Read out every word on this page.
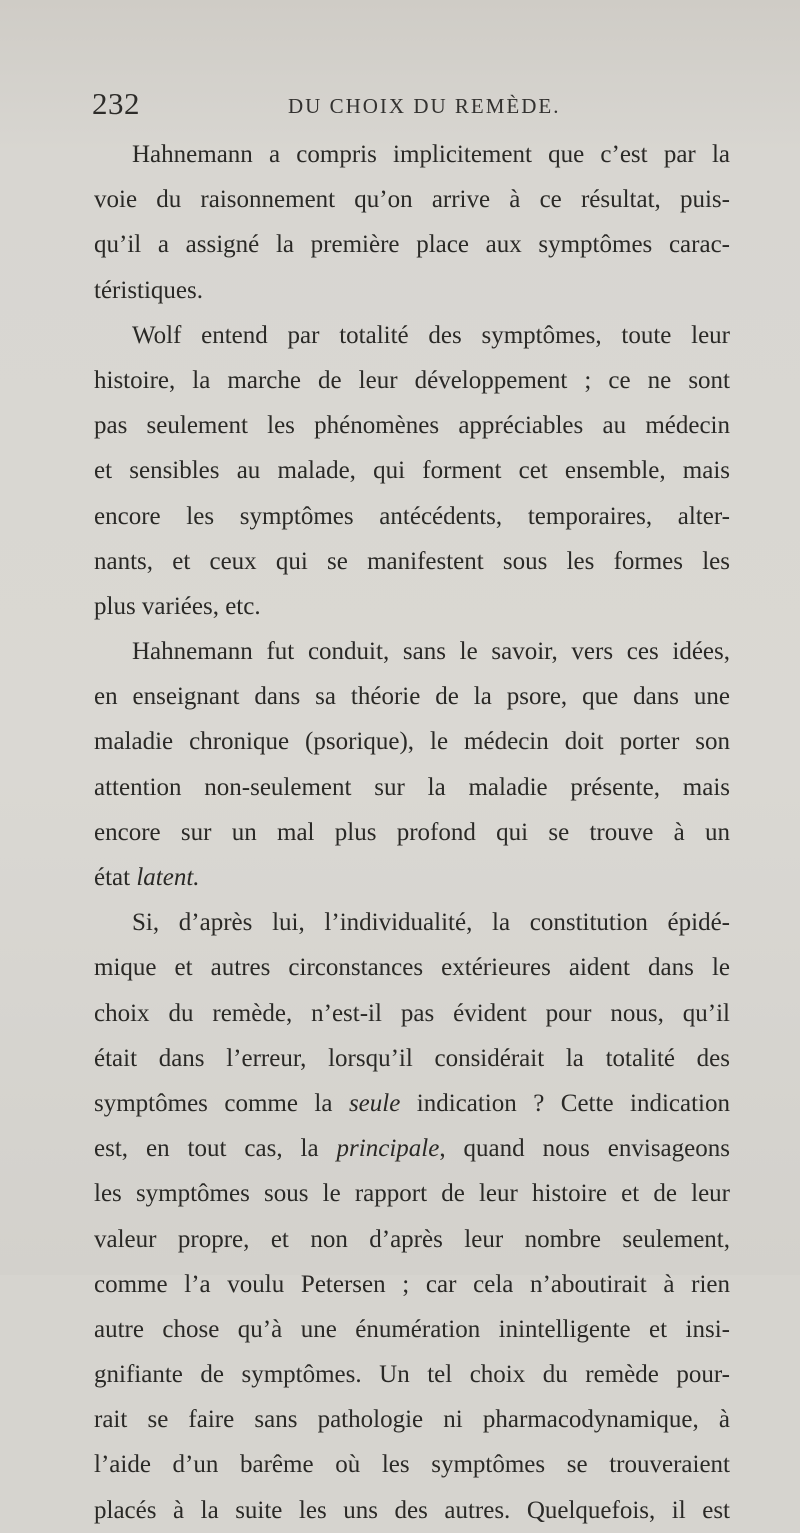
232	DU CHOIX DU REMÈDE.
Hahnemann a compris implicitement que c’est par la
voie du raisonnement qu’on arrive à ce résultat, puis-
qu’il a assigné la première place aux symptômes carac-
téristiques.
Wolf entend par totalité des symptômes, toute leur
histoire, la marche de leur développement ; ce ne sont
pas seulement les phénomènes appréciables au médecin
et sensibles au malade, qui forment cet ensemble, mais
encore les symptômes antécédents, temporaires, alter-
nants, et ceux qui se manifestent sous les formes les
plus variées, etc.
Hahnemann fut conduit, sans le savoir, vers ces idées,
en enseignant dans sa théorie de la psore, que dans une
maladie chronique (psorique), le médecin doit porter son
attention non-seulement sur la maladie présente, mais
encore sur un mal plus profond qui se trouve à un
état latent.
Si, d’après lui, l’individualité, la constitution épidé-
mique et autres circonstances extérieures aident dans le
choix du remède, n’est-il pas évident pour nous, qu’il
était dans l’erreur, lorsqu’il considérait la totalité des
symptômes comme la seule indication ? Cette indication
est, en tout cas, la principale, quand nous envisageons
les symptômes sous le rapport de leur histoire et de leur
valeur propre, et non d’après leur nombre seulement,
comme l’a voulu Petersen ; car cela n’aboutirait à rien
autre chose qu’à une énumération inintelligente et insi-
gnifiante de symptômes. Un tel choix du remède pour-
rait se faire sans pathologie ni pharmacodynamique, à
l’aide d’un barême où les symptômes se trouveraient
placés à la suite les uns des autres. Quelquefois, il est
